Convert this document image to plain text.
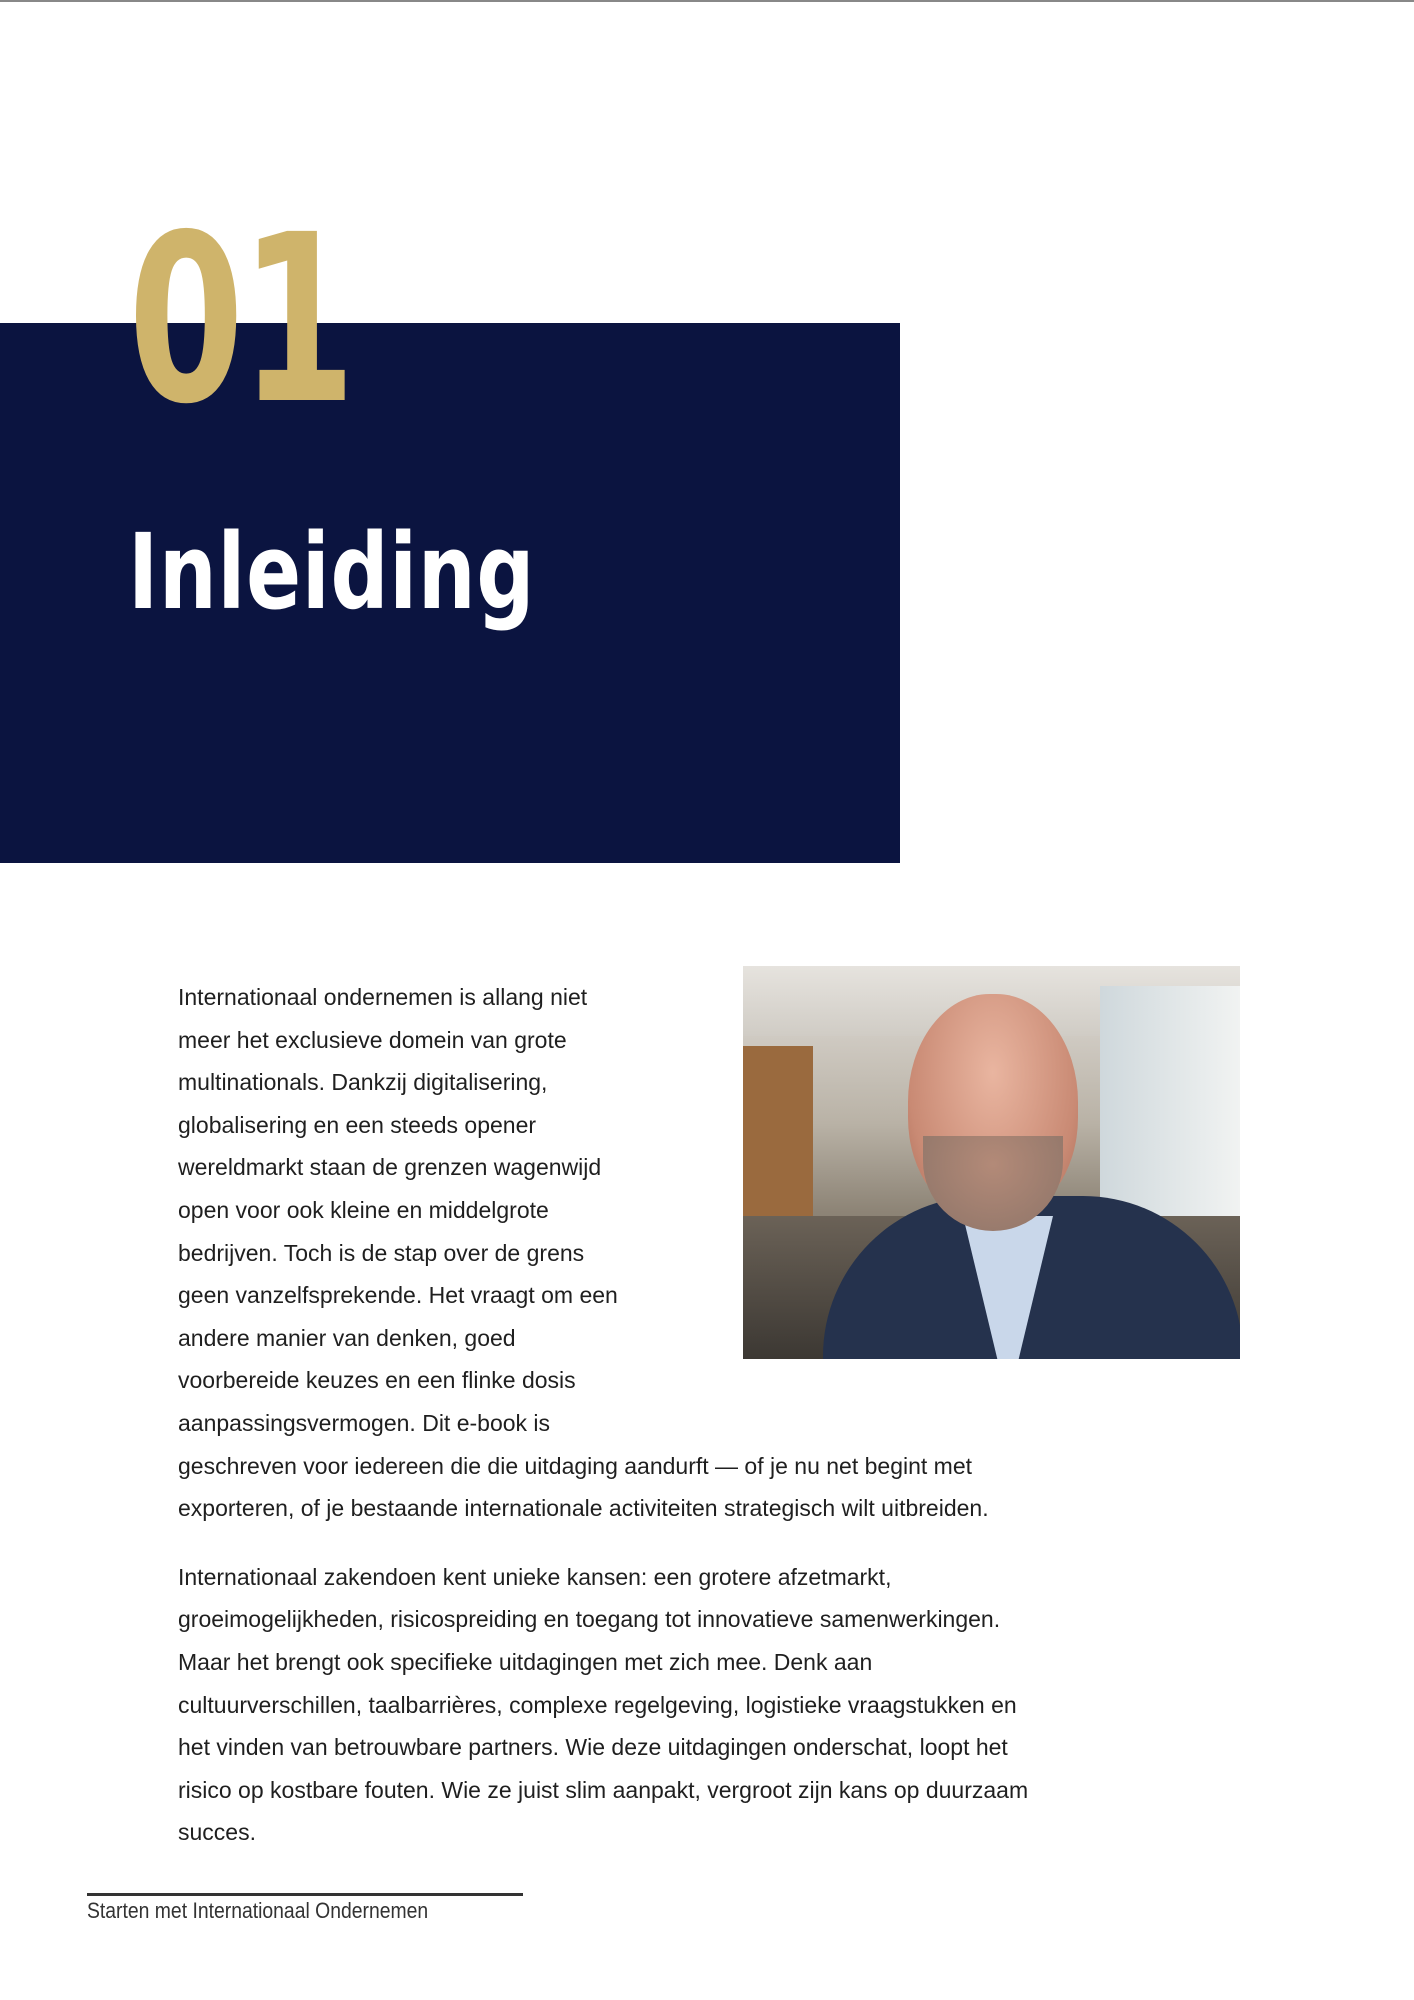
01
Inleiding
Internationaal ondernemen is allang niet
meer het exclusieve domein van grote
multinationals. Dankzij digitalisering,
globalisering en een steeds opener
wereldmarkt staan de grenzen wagenwijd
open voor ook kleine en middelgrote
bedrijven. Toch is de stap over de grens
geen vanzelfsprekende. Het vraagt om een
andere manier van denken, goed
voorbereide keuzes en een flinke dosis
aanpassingsvermogen. Dit e-book is
geschreven voor iedereen die die uitdaging aandurft — of je nu net begint met
exporteren, of je bestaande internationale activiteiten strategisch wilt uitbreiden.
Internationaal zakendoen kent unieke kansen: een grotere afzetmarkt,
groeimogelijkheden, risicospreiding en toegang tot innovatieve samenwerkingen.
Maar het brengt ook specifieke uitdagingen met zich mee. Denk aan
cultuurverschillen, taalbarrières, complexe regelgeving, logistieke vraagstukken en
het vinden van betrouwbare partners. Wie deze uitdagingen onderschat, loopt het
risico op kostbare fouten. Wie ze juist slim aanpakt, vergroot zijn kans op duurzaam
succes.
Starten met Internationaal Ondernemen
